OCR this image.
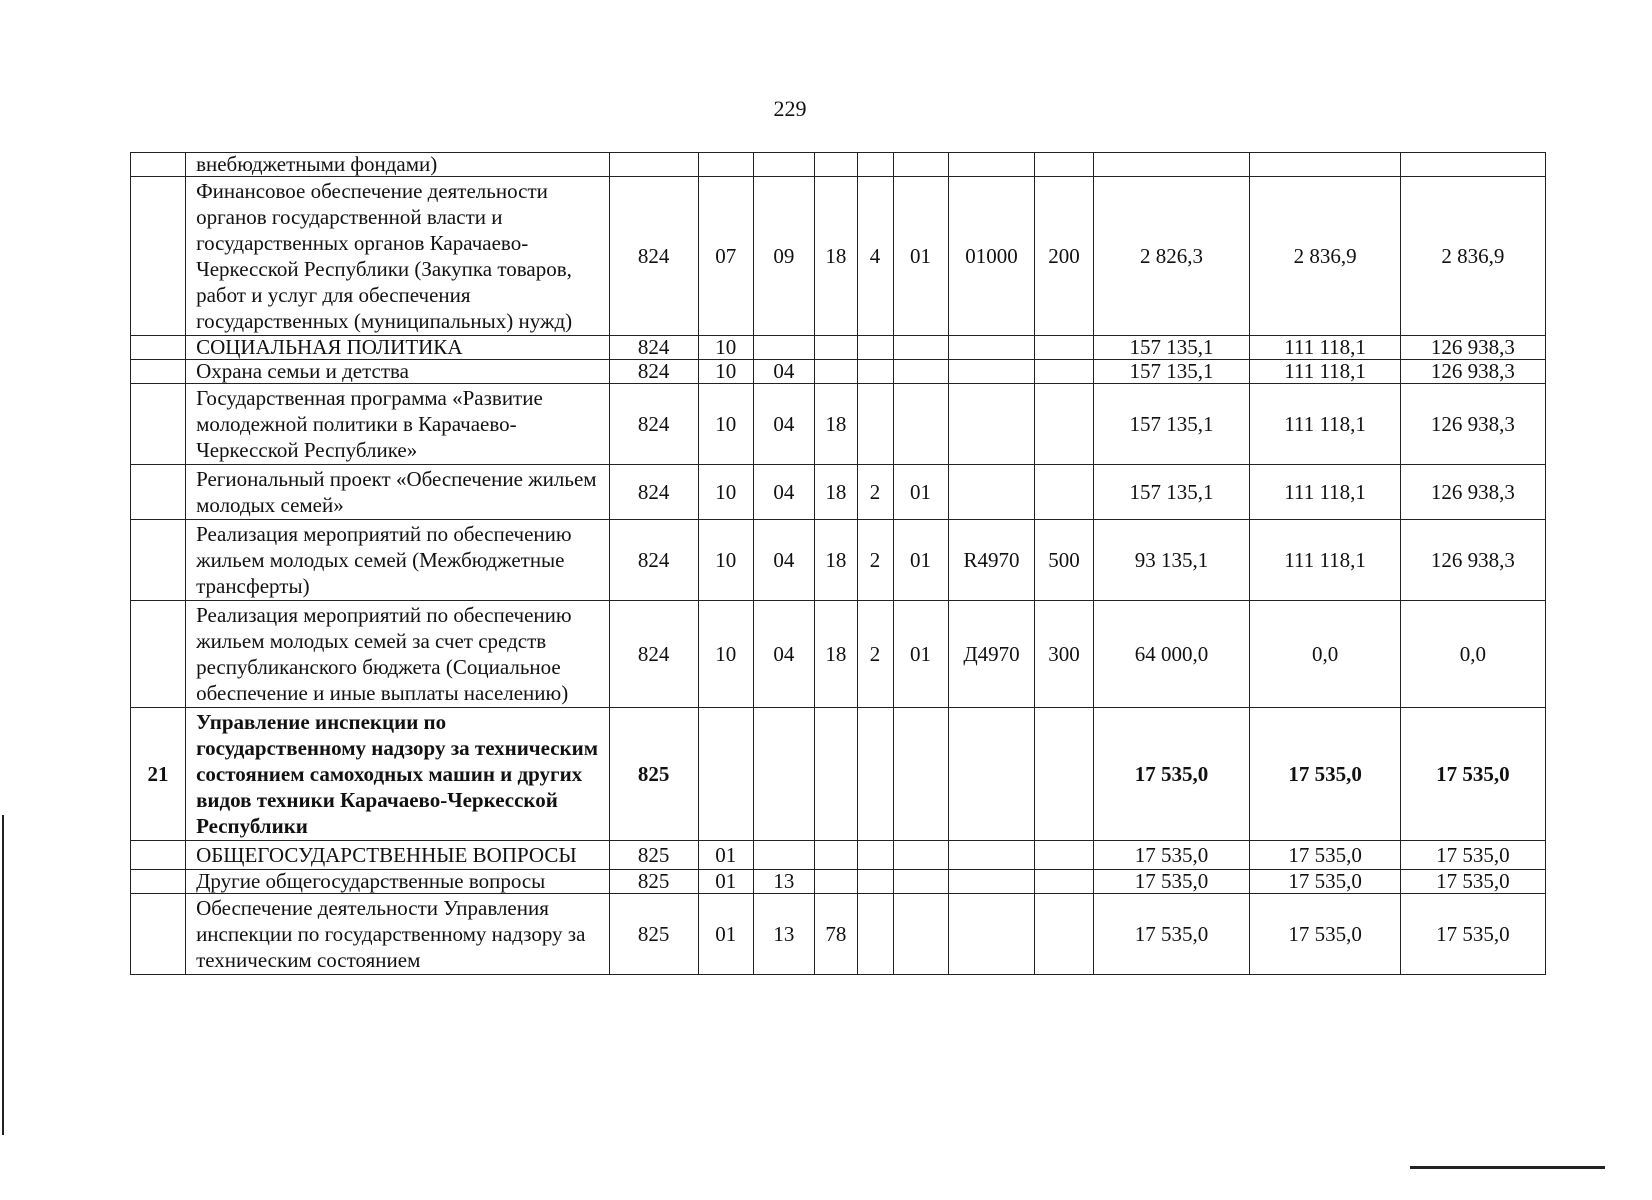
229
	внебюджетными фондами)											
	Финансовое обеспечение деятельности органов государственной власти и государственных органов Карачаево-Черкесской Республики (Закупка товаров, работ и услуг для обеспечения государственных (муниципальных) нужд)	824	07	09	18	4	01	01000	200	2 826,3	2 836,9	2 836,9
	СОЦИАЛЬНАЯ ПОЛИТИКА	824	10							157 135,1	111 118,1	126 938,3
	Охрана семьи и детства	824	10	04						157 135,1	111 118,1	126 938,3
	Государственная программа «Развитие молодежной политики в Карачаево-Черкесской Республике»	824	10	04	18					157 135,1	111 118,1	126 938,3
	Региональный проект «Обеспечение жильем молодых семей»	824	10	04	18	2	01			157 135,1	111 118,1	126 938,3
	Реализация мероприятий по обеспечению жильем молодых семей (Межбюджетные трансферты)	824	10	04	18	2	01	R4970	500	93 135,1	111 118,1	126 938,3
	Реализация мероприятий по обеспечению жильем молодых семей за счет средств республиканского бюджета (Социальное обеспечение и иные выплаты населению)	824	10	04	18	2	01	Д4970	300	64 000,0	0,0	0,0
21	Управление инспекции по государственному надзору за техническим состоянием самоходных машин и других видов техники Карачаево-Черкесской Республики	825								17 535,0	17 535,0	17 535,0
	ОБЩЕГОСУДАРСТВЕННЫЕ ВОПРОСЫ	825	01							17 535,0	17 535,0	17 535,0
	Другие общегосударственные вопросы	825	01	13						17 535,0	17 535,0	17 535,0
	Обеспечение деятельности Управления инспекции по государственному надзору за техническим состоянием	825	01	13	78					17 535,0	17 535,0	17 535,0
